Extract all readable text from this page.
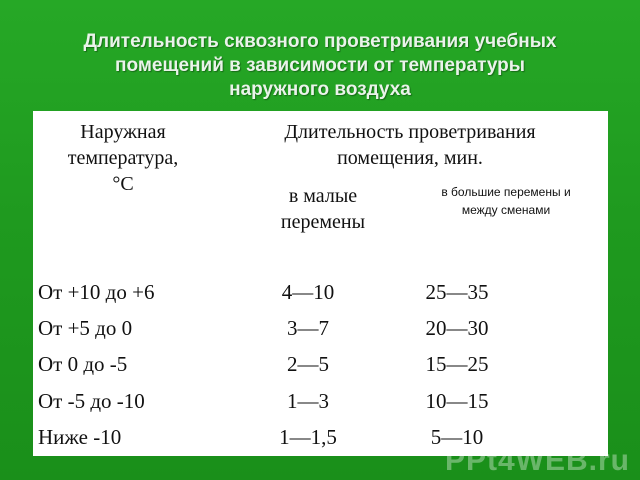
Длительность сквозного проветривания учебных
помещений в зависимости от температуры
наружного воздуха
Наружная
температура,
°С
Длительность проветривания
помещения, мин.
в малые
перемены
в большие перемены и
между сменами
От +10 до +6	4—10	25—35
От +5 до 0	3—7	20—30
От 0 до -5	2—5	15—25
От -5 до -10	1—3	10—15
Ниже -10	1—1,5	5—10
PPt4WEB.ru
